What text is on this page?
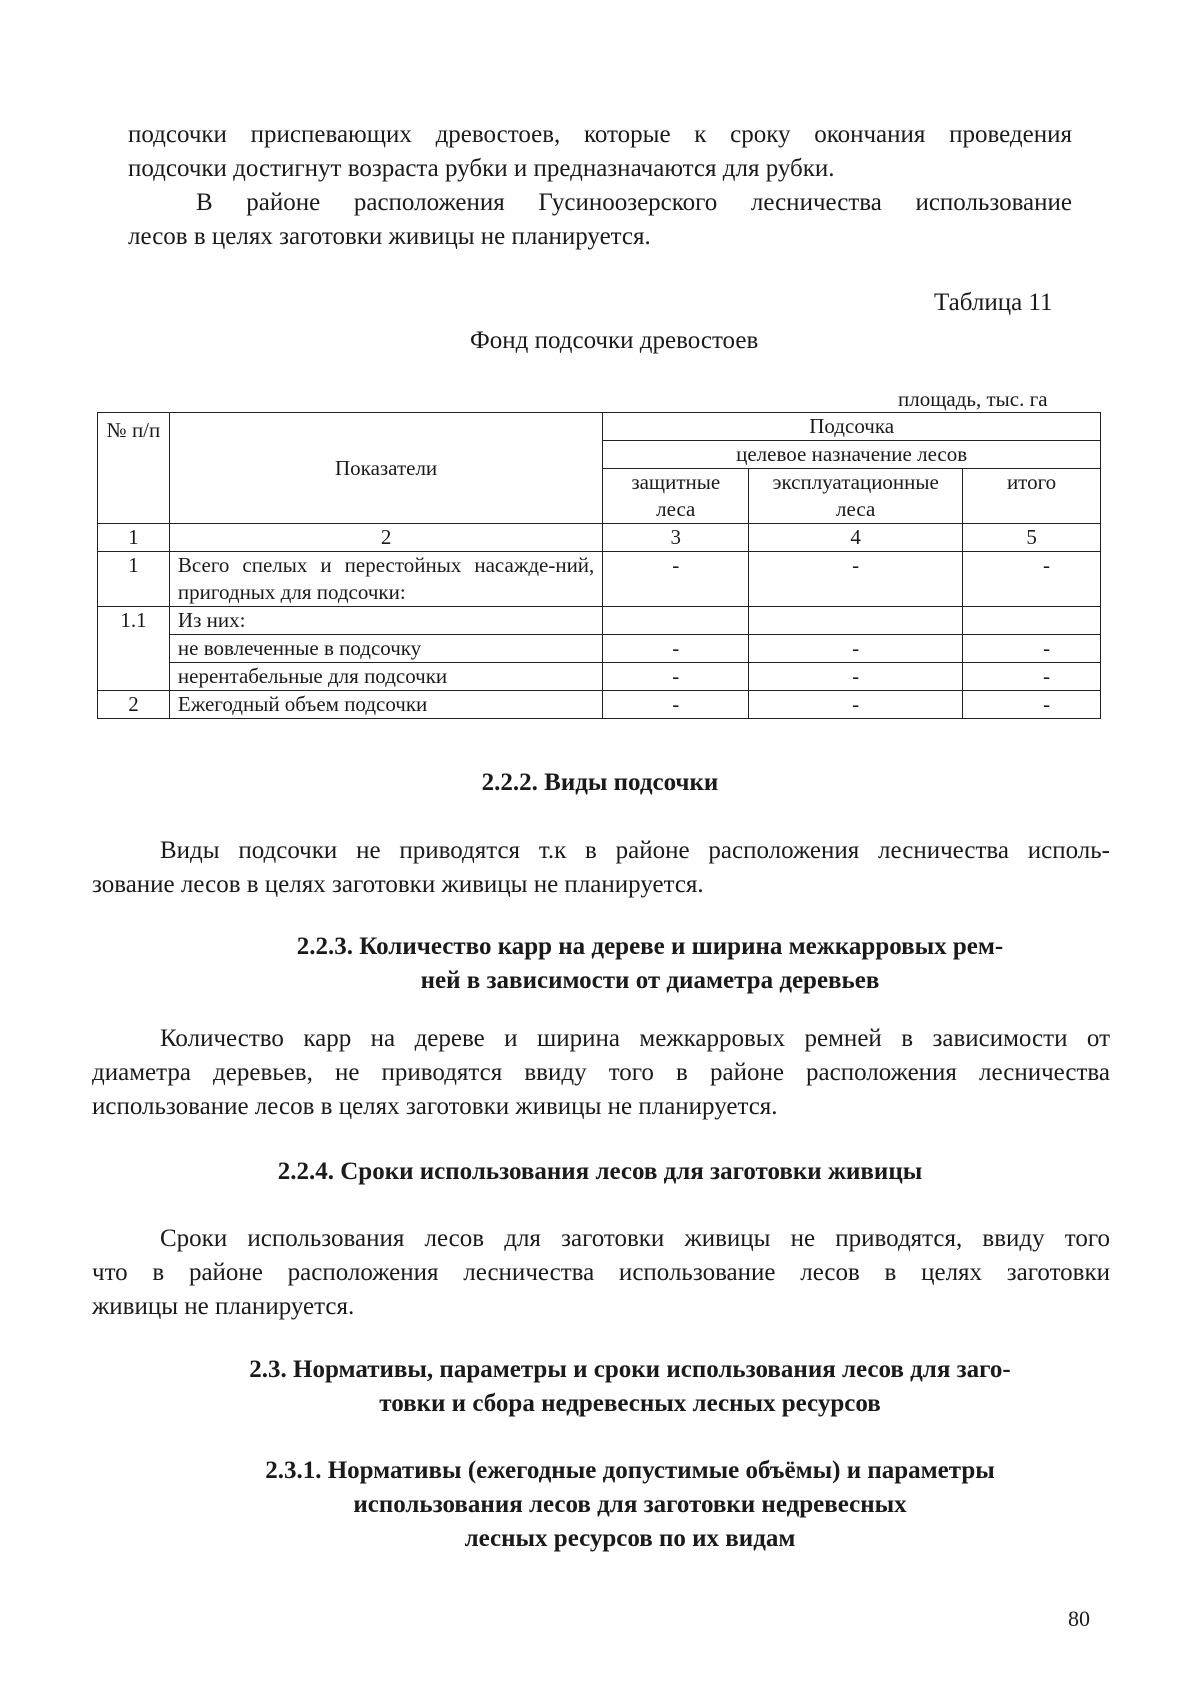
подсочки приспевающих древостоев, которые к сроку окончания проведения
подсочки достигнут возраста рубки и предназначаются для рубки.
В районе расположения Гусиноозерского лесничества использование
лесов в целях заготовки живицы не планируется.

Таблица 11

Фонд подсочки древостоев

площадь, тыс. га

№ п/п	Показатели	Подсочка		
		целевое назначение лесов		
		защитные леса	эксплуатационные леса	итого

1	2	3	4	5
1	Всего спелых и перестойных насажде-ний, пригодных для подсочки:	-	-	-
1.1	Из них:			
	не вовлеченные в подсочку	-	-	-
	нерентабельные для подсочки	-	-	-
2	Ежегодный объем подсочки	-	-	-

2.2.2. Виды подсочки

Виды подсочки не приводятся т.к в районе расположения лесничества исполь-
зование лесов в целях заготовки живицы не планируется.

2.2.3. Количество карр на дереве и ширина межкарровых рем-
ней в зависимости от диаметра деревьев

Количество карр на дереве и ширина межкарровых ремней в зависимости от
диаметра деревьев, не приводятся ввиду того в районе расположения лесничества
использование лесов в целях заготовки живицы не планируется.

2.2.4. Сроки использования лесов для заготовки живицы

Сроки использования лесов для заготовки живицы не приводятся, ввиду того
что в районе расположения лесничества использование лесов в целях заготовки
живицы не планируется.

2.3. Нормативы, параметры и сроки использования лесов для заго-
товки и сбора недревесных лесных ресурсов

2.3.1. Нормативы (ежегодные допустимые объёмы) и параметры
использования лесов для заготовки недревесных
лесных ресурсов по их видам

80
